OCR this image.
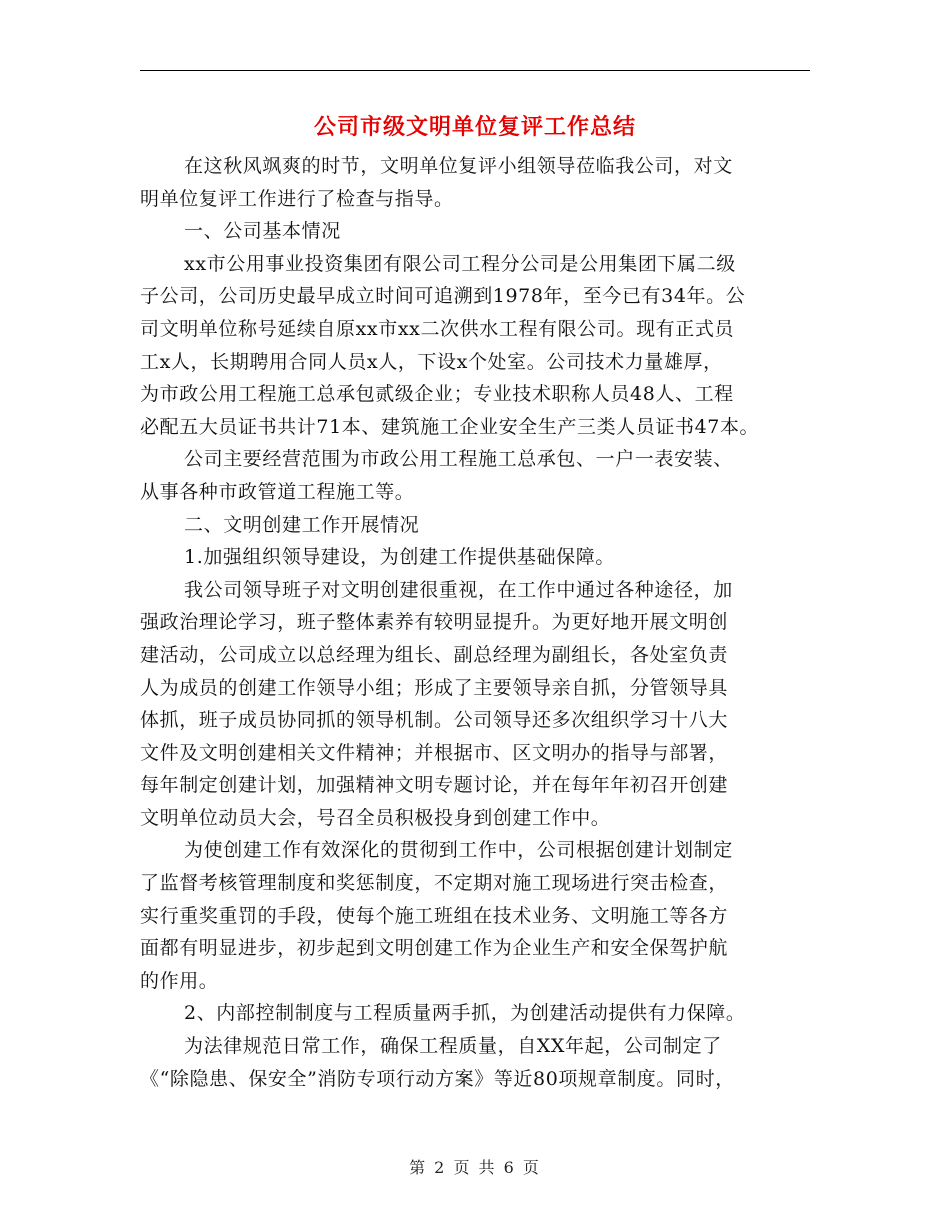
公司市级文明单位复评工作总结
在这秋风飒爽的时节，文明单位复评小组领导莅临我公司，对文
明单位复评工作进行了检查与指导。
一、公司基本情况
xx市公用事业投资集团有限公司工程分公司是公用集团下属二级
子公司，公司历史最早成立时间可追溯到1978年，至今已有34年。公
司文明单位称号延续自原xx市xx二次供水工程有限公司。现有正式员
工x人，长期聘用合同人员x人，下设x个处室。公司技术力量雄厚，
为市政公用工程施工总承包贰级企业；专业技术职称人员48人、工程
必配五大员证书共计71本、建筑施工企业安全生产三类人员证书47本。
公司主要经营范围为市政公用工程施工总承包、一户一表安装、
从事各种市政管道工程施工等。
二、文明创建工作开展情况
1.加强组织领导建设，为创建工作提供基础保障。
我公司领导班子对文明创建很重视，在工作中通过各种途径，加
强政治理论学习，班子整体素养有较明显提升。为更好地开展文明创
建活动，公司成立以总经理为组长、副总经理为副组长，各处室负责
人为成员的创建工作领导小组；形成了主要领导亲自抓，分管领导具
体抓，班子成员协同抓的领导机制。公司领导还多次组织学习十八大
文件及文明创建相关文件精神；并根据市、区文明办的指导与部署，
每年制定创建计划，加强精神文明专题讨论，并在每年年初召开创建
文明单位动员大会，号召全员积极投身到创建工作中。
为使创建工作有效深化的贯彻到工作中，公司根据创建计划制定
了监督考核管理制度和奖惩制度，不定期对施工现场进行突击检查，
实行重奖重罚的手段，使每个施工班组在技术业务、文明施工等各方
面都有明显进步，初步起到文明创建工作为企业生产和安全保驾护航
的作用。
2、内部控制制度与工程质量两手抓，为创建活动提供有力保障。
为法律规范日常工作，确保工程质量，自XX年起，公司制定了
《“除隐患、保安全”消防专项行动方案》等近80项规章制度。同时，
第 2 页 共 6 页
